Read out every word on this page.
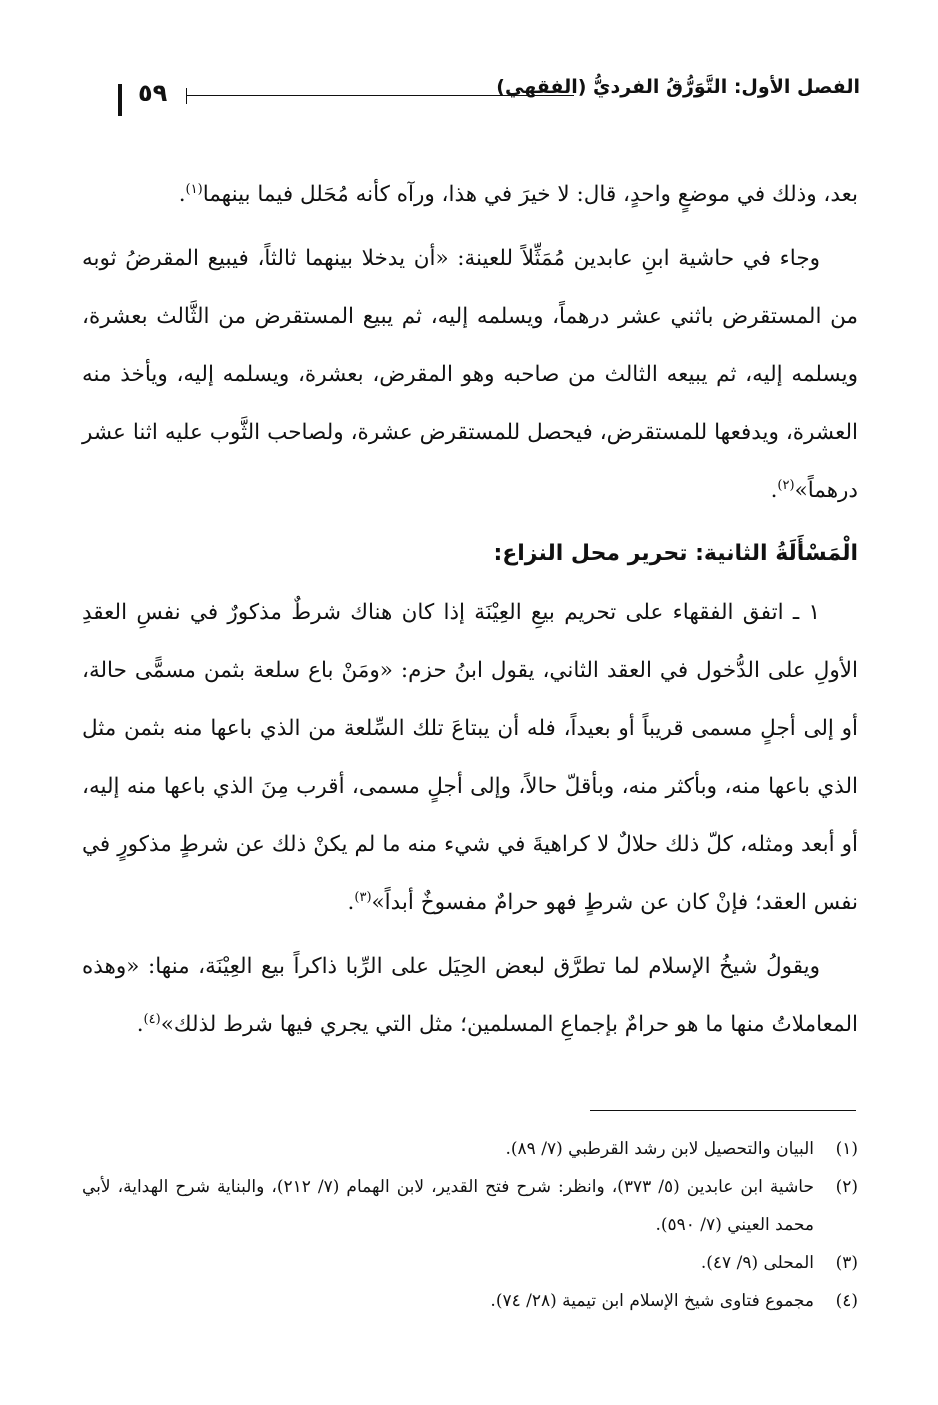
الفصل الأول: التَّوَرُّقُ الفرديُّ (الفقهي)
٥٩

بعد، وذلك في موضعٍ واحدٍ، قال: لا خيرَ في هذا، ورآه كأنه مُحَلل فيما بينهما$^{(١)}$.

وجاء في حاشية ابنِ عابدين مُمَثِّلاً للعينة: «أن يدخلا بينهما ثالثاً، فيبيع المقرضُ ثوبه من المستقرض باثني عشر درهماً، ويسلمه إليه، ثم يبيع المستقرض من الثَّالث بعشرة، ويسلمه إليه، ثم يبيعه الثالث من صاحبه وهو المقرض، بعشرة، ويسلمه إليه، ويأخذ منه العشرة، ويدفعها للمستقرض، فيحصل للمستقرض عشرة، ولصاحب الثَّوب عليه اثنا عشر درهماً»$^{(٢)}$.

الْمَسْأَلَةُ الثانية: تحرير محل النزاع:

١ ـ اتفق الفقهاء على تحريم بيعِ العِيْنَة إذا كان هناك شرطٌ مذكورٌ في نفسِ العقدِ الأولِ على الدُّخول في العقد الثاني، يقول ابنُ حزم: «ومَنْ باع سلعة بثمن مسمًّى حالة، أو إلى أجلٍ مسمى قريباً أو بعيداً، فله أن يبتاعَ تلك السِّلعة من الذي باعها منه بثمن مثل الذي باعها منه، وبأكثر منه، وبأقلّ حالاً، وإلى أجلٍ مسمى، أقرب مِنَ الذي باعها منه إليه، أو أبعد ومثله، كلّ ذلك حلالٌ لا كراهيةَ في شيء منه ما لم يكنْ ذلك عن شرطٍ مذكورٍ في نفس العقد؛ فإنْ كان عن شرطٍ فهو حرامٌ مفسوخٌ أبداً»$^{(٣)}$.

ويقولُ شيخُ الإسلام لما تطرَّق لبعض الحِيَل على الرِّبا ذاكراً بيع العِيْنَة، منها: «وهذه المعاملاتُ منها ما هو حرامٌ بإجماعِ المسلمين؛ مثل التي يجري فيها شرط لذلك»$^{(٤)}$.

(١)
البيان والتحصيل لابن رشد القرطبي (٧/ ٨٩).
(٢)
حاشية ابن عابدين (٥/ ٣٧٣)، وانظر: شرح فتح القدير، لابن الهمام (٧/ ٢١٢)، والبناية شرح الهداية، لأبي محمد العيني (٧/ ٥٩٠).
(٣)
المحلى (٩/ ٤٧).
(٤)
مجموع فتاوى شيخ الإسلام ابن تيمية (٢٨/ ٧٤).
